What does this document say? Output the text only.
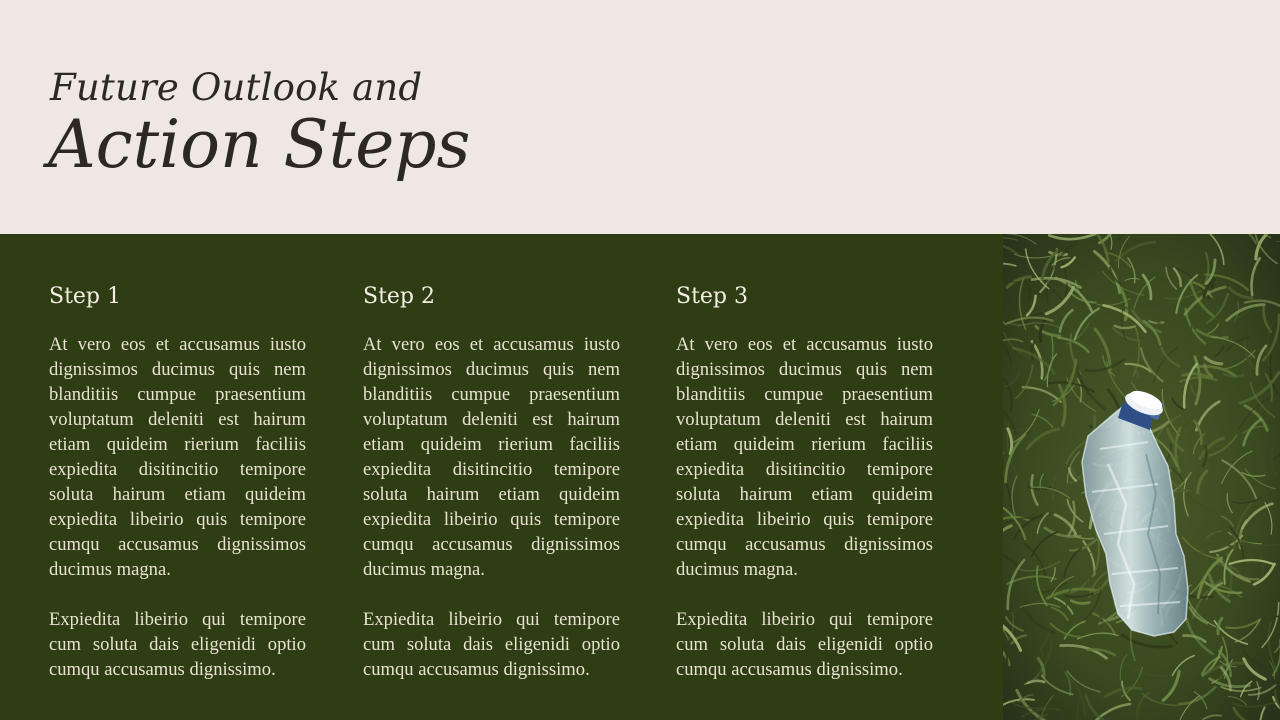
Future Outlook and
Action Steps
Step 1

At vero eos et accusamus iusto dignissimos ducimus quis nem blanditiis cumpue praesentium voluptatum deleniti est hairum etiam quideim rierium faciliis expiedita disitincitio temipore soluta hairum etiam quideim expiedita libeirio quis temipore cumqu accusamus dignissimos ducimus magna.

Expiedita libeirio qui temipore cum soluta dais eligenidi optio cumqu accusamus dignissimo.

Step 2

At vero eos et accusamus iusto dignissimos ducimus quis nem blanditiis cumpue praesentium voluptatum deleniti est hairum etiam quideim rierium faciliis expiedita disitincitio temipore soluta hairum etiam quideim expiedita libeirio quis temipore cumqu accusamus dignissimos ducimus magna.

Expiedita libeirio qui temipore cum soluta dais eligenidi optio cumqu accusamus dignissimo.

Step 3

At vero eos et accusamus iusto dignissimos ducimus quis nem blanditiis cumpue praesentium voluptatum deleniti est hairum etiam quideim rierium faciliis expiedita disitincitio temipore soluta hairum etiam quideim expiedita libeirio quis temipore cumqu accusamus dignissimos ducimus magna.

Expiedita libeirio qui temipore cum soluta dais eligenidi optio cumqu accusamus dignissimo.
